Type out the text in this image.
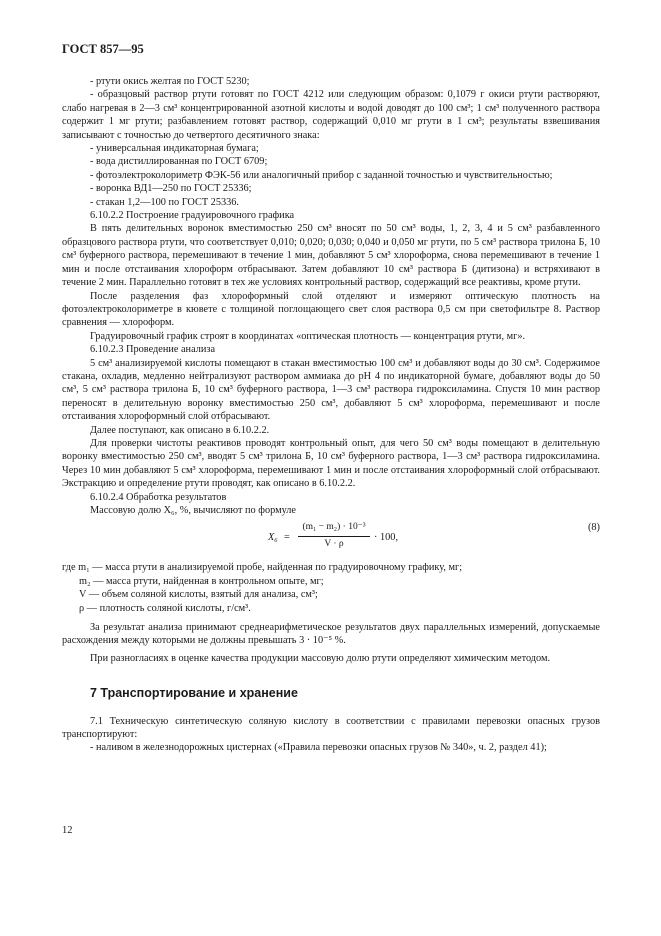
ГОСТ 857—95

- ртути окись желтая по ГОСТ 5230;

- образцовый раствор ртути готовят по ГОСТ 4212 или следующим образом: 0,1079 г окиси ртути растворяют, слабо нагревая в 2—3 см³ концентрированной азотной кислоты и водой доводят до 100 см³; 1 см³ полученного раствора содержит 1 мг ртути; разбавлением готовят раствор, содержащий 0,010 мг ртути в 1 см³; результаты взвешивания записывают с точностью до четвертого десятичного знака:

- универсальная индикаторная бумага;

- вода дистиллированная по ГОСТ 6709;

- фотоэлектроколориметр ФЭК-56 или аналогичный прибор с заданной точностью и чувствительностью;

- воронка ВД1—250 по ГОСТ 25336;

- стакан 1,2—100 по ГОСТ 25336.

6.10.2.2 Построение градуировочного графика

В пять делительных воронок вместимостью 250 см³ вносят по 50 см³ воды, 1, 2, 3, 4 и 5 см³ разбавленного образцового раствора ртути, что соответствует 0,010; 0,020; 0,030; 0,040 и 0,050 мг ртути, по 5 см³ раствора трилона Б, 10 см³ буферного раствора, перемешивают в течение 1 мин, добавляют 5 см³ хлороформа, снова перемешивают в течение 1 мин и после отстаивания хлороформ отбрасывают. Затем добавляют 10 см³ раствора Б (дитизона) и встряхивают в течение 2 мин. Параллельно готовят в тех же условиях контрольный раствор, содержащий все реактивы, кроме ртути.

После разделения фаз хлороформный слой отделяют и измеряют оптическую плотность на фотоэлектроколориметре в кювете с толщиной поглощающего свет слоя раствора 0,5 см при светофильтре 8. Раствор сравнения — хлороформ.

Градуировочный график строят в координатах «оптическая плотность — концентрация ртути, мг».

6.10.2.3 Проведение анализа

5 см³ анализируемой кислоты помещают в стакан вместимостью 100 см³ и добавляют воды до 30 см³. Содержимое стакана, охладив, медленно нейтрализуют раствором аммиака до pH 4 по индикаторной бумаге, добавляют воды до 50 см³, 5 см³ раствора трилона Б, 10 см³ буферного раствора, 1—3 см³ раствора гидроксиламина. Спустя 10 мин раствор переносят в делительную воронку вместимостью 250 см³, добавляют 5 см³ хлороформа, перемешивают и после отстаивания хлороформный слой отбрасывают.

Далее поступают, как описано в 6.10.2.2.

Для проверки чистоты реактивов проводят контрольный опыт, для чего 50 см³ воды помещают в делительную воронку вместимостью 250 см³, вводят 5 см³ трилона Б, 10 см³ буферного раствора, 1—3 см³ раствора гидроксиламина. Через 10 мин добавляют 5 см³ хлороформа, перемешивают 1 мин и после отстаивания хлороформный слой отбрасывают. Экстракцию и определение ртути проводят, как описано в 6.10.2.2.

6.10.2.4 Обработка результатов

Массовую долю X₆, %, вычисляют по формуле

$X_6 = \frac{\text{(m₁ − m₂) · 10⁻³}}{V \cdot \rho} \cdot 100$,
(8)

где m₁ — масса ртути в анализируемой пробе, найденная по градуировочному графику, мг;

m₂ — масса ртути, найденная в контрольном опыте, мг;

V — объем соляной кислоты, взятый для анализа, см³;

ρ — плотность соляной кислоты, г/см³.

За результат анализа принимают среднеарифметическое результатов двух параллельных измерений, допускаемые расхождения между которыми не должны превышать 3 · 10⁻⁵ %.

При разногласиях в оценке качества продукции массовую долю ртути определяют химическим методом.

7 Транспортирование и хранение

7.1 Техническую синтетическую соляную кислоту в соответствии с правилами перевозки опасных грузов транспортируют:

- наливом в железнодорожных цистернах («Правила перевозки опасных грузов № 340», ч. 2, раздел 41);

12
